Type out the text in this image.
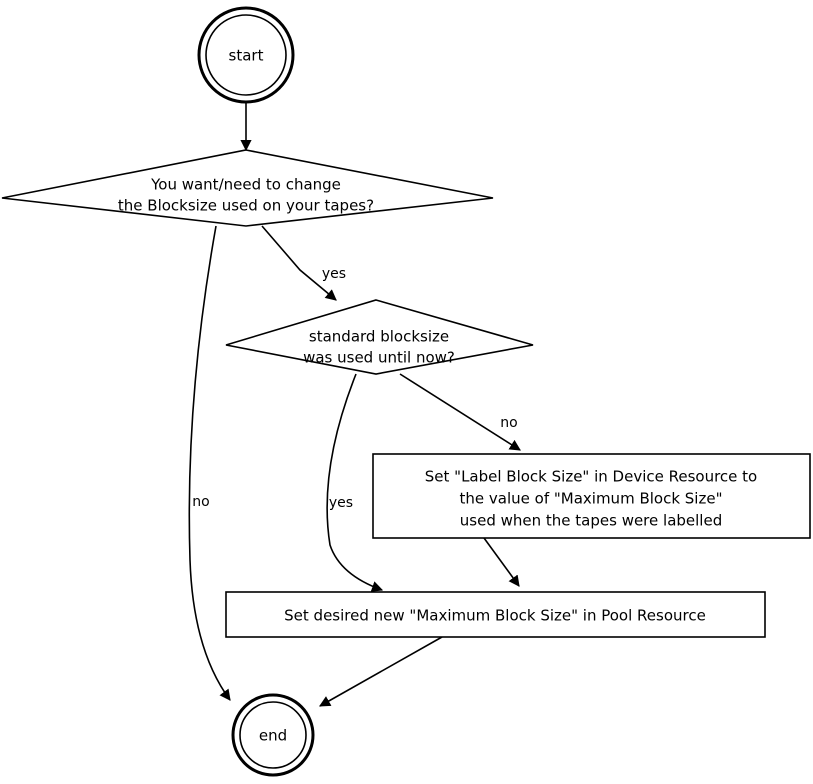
yes
no
no
yes
start
You want/need to change
the Blocksize used on your tapes?
standard blocksize
was used until now?
Set "Label Block Size" in Device Resource to
the value of "Maximum Block Size"
used when the tapes were labelled
Set desired new "Maximum Block Size" in Pool Resource
end
